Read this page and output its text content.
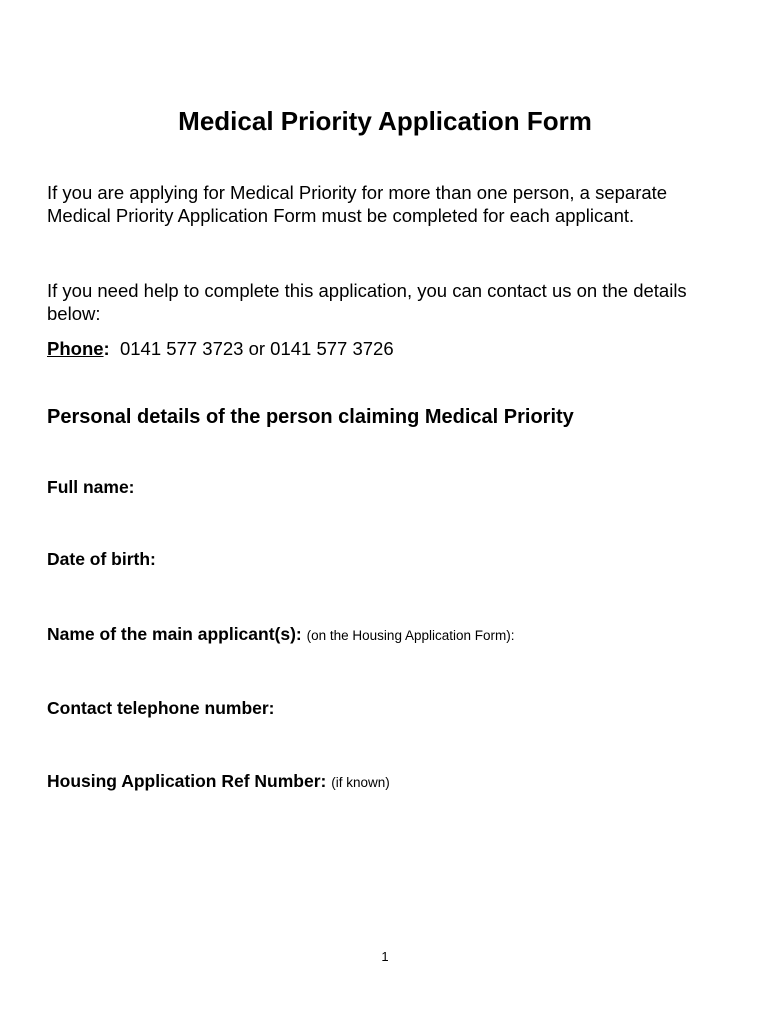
Medical Priority Application Form

If you are applying for Medical Priority for more than one person, a separate Medical Priority Application Form must be completed for each applicant.

If you need help to complete this application, you can contact us on the details below:

Phone: 0141 577 3723 or 0141 577 3726

Personal details of the person claiming Medical Priority

Full name:

Date of birth:

Name of the main applicant(s): (on the Housing Application Form):

Contact telephone number:

Housing Application Ref Number: (if known)

1
